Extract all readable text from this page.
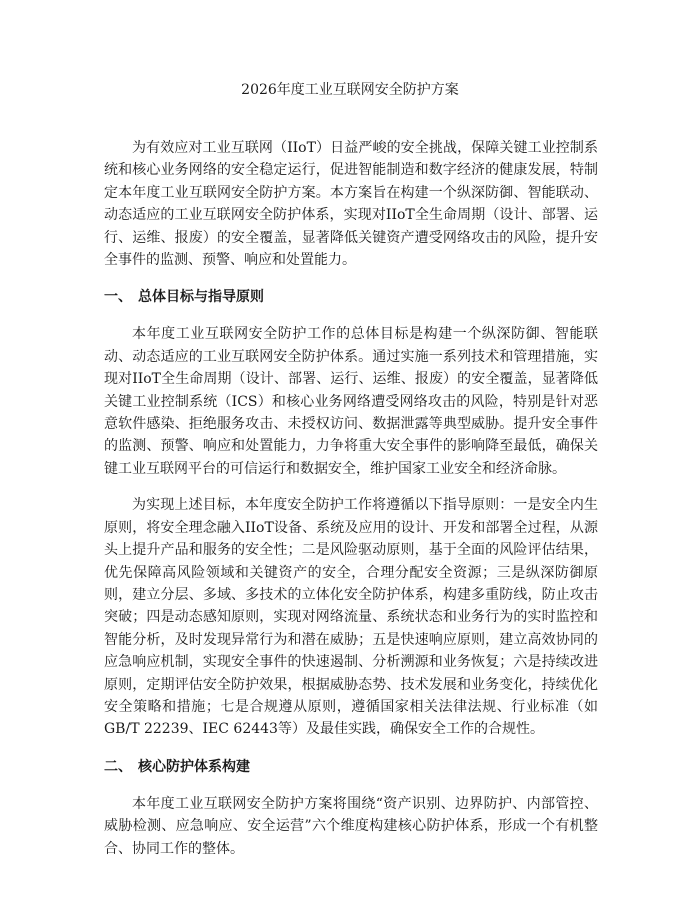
2026年度工业互联网安全防护方案

为有效应对工业互联网（IIoT）日益严峻的安全挑战，保障关键工业控制系统和核心业务网络的安全稳定运行，促进智能制造和数字经济的健康发展，特制定本年度工业互联网安全防护方案。本方案旨在构建一个纵深防御、智能联动、动态适应的工业互联网安全防护体系，实现对IIoT全生命周期（设计、部署、运行、运维、报废）的安全覆盖，显著降低关键资产遭受网络攻击的风险，提升安全事件的监测、预警、响应和处置能力。

一、 总体目标与指导原则

本年度工业互联网安全防护工作的总体目标是构建一个纵深防御、智能联动、动态适应的工业互联网安全防护体系。通过实施一系列技术和管理措施，实现对IIoT全生命周期（设计、部署、运行、运维、报废）的安全覆盖，显著降低关键工业控制系统（ICS）和核心业务网络遭受网络攻击的风险，特别是针对恶意软件感染、拒绝服务攻击、未授权访问、数据泄露等典型威胁。提升安全事件的监测、预警、响应和处置能力，力争将重大安全事件的影响降至最低，确保关键工业互联网平台的可信运行和数据安全，维护国家工业安全和经济命脉。

为实现上述目标，本年度安全防护工作将遵循以下指导原则：一是安全内生原则，将安全理念融入IIoT设备、系统及应用的设计、开发和部署全过程，从源头上提升产品和服务的安全性；二是风险驱动原则，基于全面的风险评估结果，优先保障高风险领域和关键资产的安全，合理分配安全资源；三是纵深防御原则，建立分层、多域、多技术的立体化安全防护体系，构建多重防线，防止攻击突破；四是动态感知原则，实现对网络流量、系统状态和业务行为的实时监控和智能分析，及时发现异常行为和潜在威胁；五是快速响应原则，建立高效协同的应急响应机制，实现安全事件的快速遏制、分析溯源和业务恢复；六是持续改进原则，定期评估安全防护效果，根据威胁态势、技术发展和业务变化，持续优化安全策略和措施；七是合规遵从原则，遵循国家相关法律法规、行业标准（如GB/T 22239、IEC 62443等）及最佳实践，确保安全工作的合规性。

二、 核心防护体系构建

本年度工业互联网安全防护方案将围绕“资产识别、边界防护、内部管控、威胁检测、应急响应、安全运营”六个维度构建核心防护体系，形成一个有机整合、协同工作的整体。
